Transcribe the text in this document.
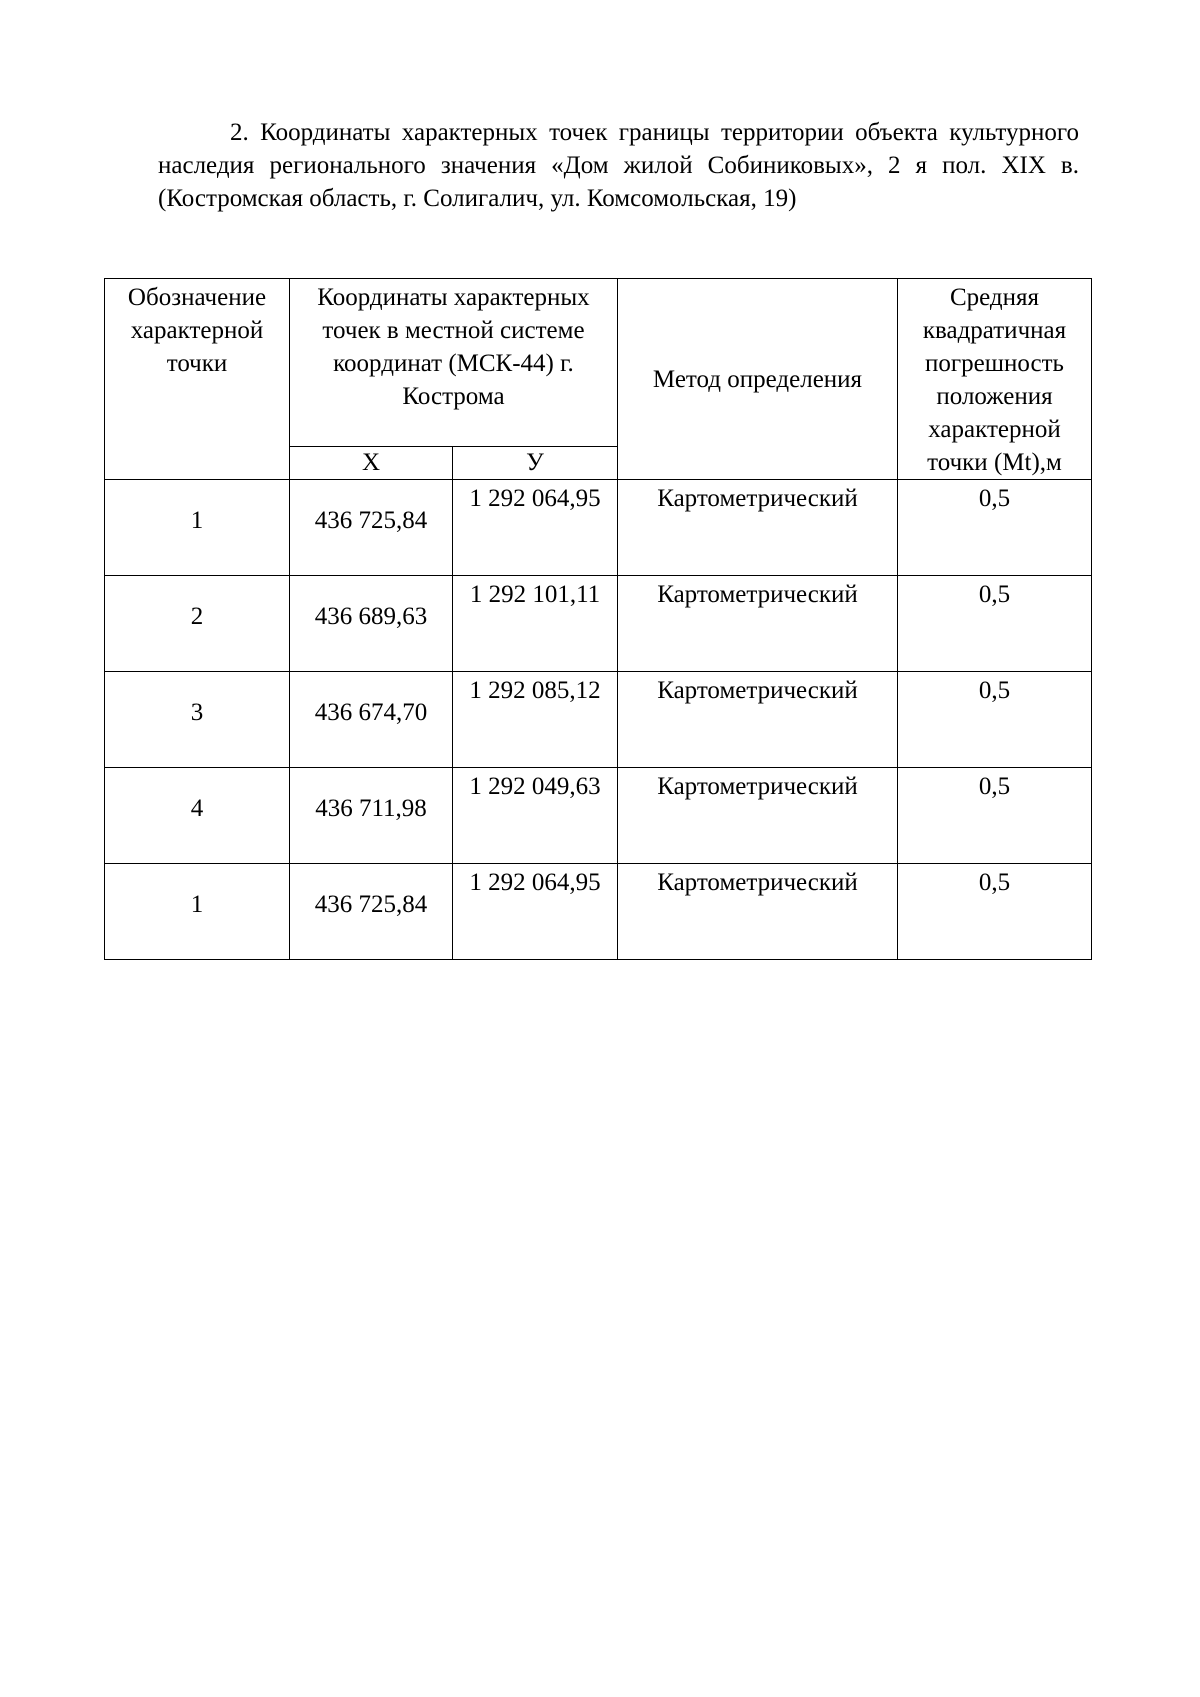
2. Координаты характерных точек границы территории объекта культурного наследия регионального значения «Дом жилой Собиниковых», 2 я пол. XIX в. (Костромская область, г. Солигалич, ул. Комсомольская, 19)

Обозначение характерной точки	Координаты характерных точек в местной системе координат (МСК-44) г. Кострома		Метод определения	Средняя квадратичная погрешность положения характерной точки (Mt),м
	Х	У		
1	436 725,84	1 292 064,95	Картометрический	0,5
2	436 689,63	1 292 101,11	Картометрический	0,5
3	436 674,70	1 292 085,12	Картометрический	0,5
4	436 711,98	1 292 049,63	Картометрический	0,5
1	436 725,84	1 292 064,95	Картометрический	0,5
